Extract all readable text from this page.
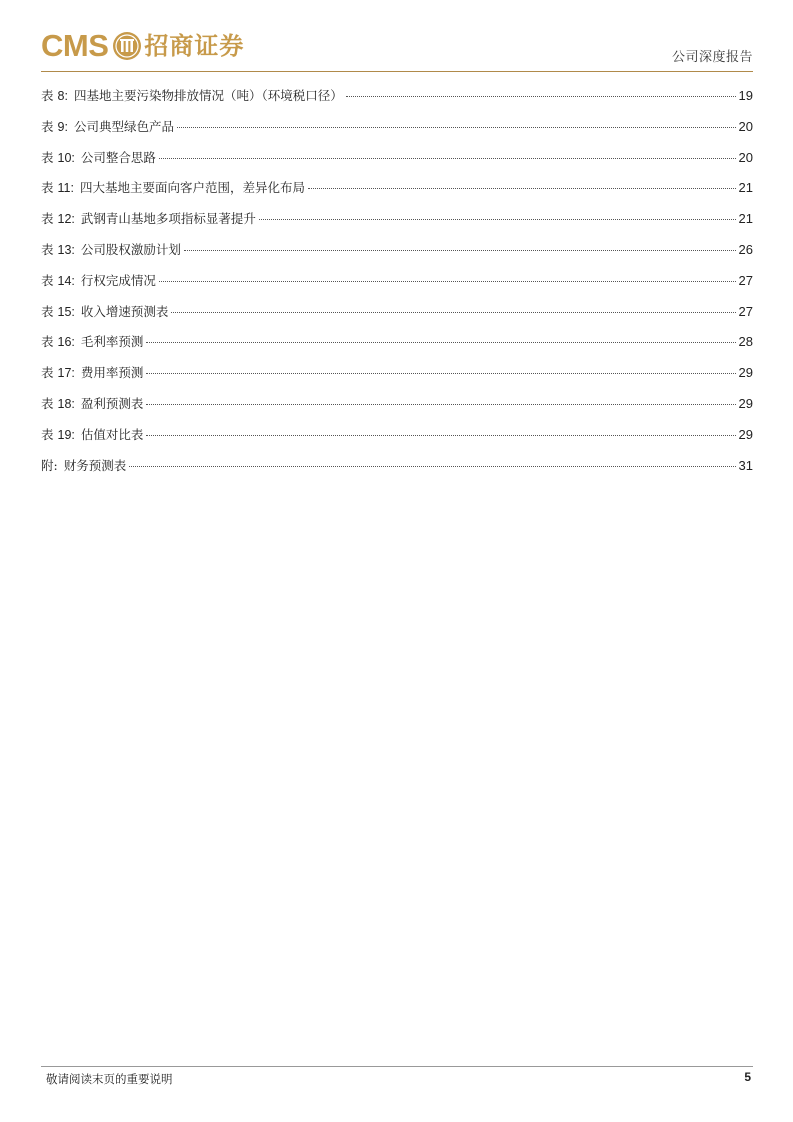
CMS 招商证券	公司深度报告
表 8: 四基地主要污染物排放情况（吨）（环境税口径）	19
表 9: 公司典型绿色产品	20
表 10: 公司整合思路	20
表 11: 四大基地主要面向客户范围，差异化布局	21
表 12: 武钢青山基地多项指标显著提升	21
表 13: 公司股权激励计划	26
表 14: 行权完成情况	27
表 15: 收入增速预测表	27
表 16: 毛利率预测	28
表 17: 费用率预测	29
表 18: 盈利预测表	29
表 19: 估值对比表	29
附: 财务预测表	31
敬请阅读末页的重要说明	5
